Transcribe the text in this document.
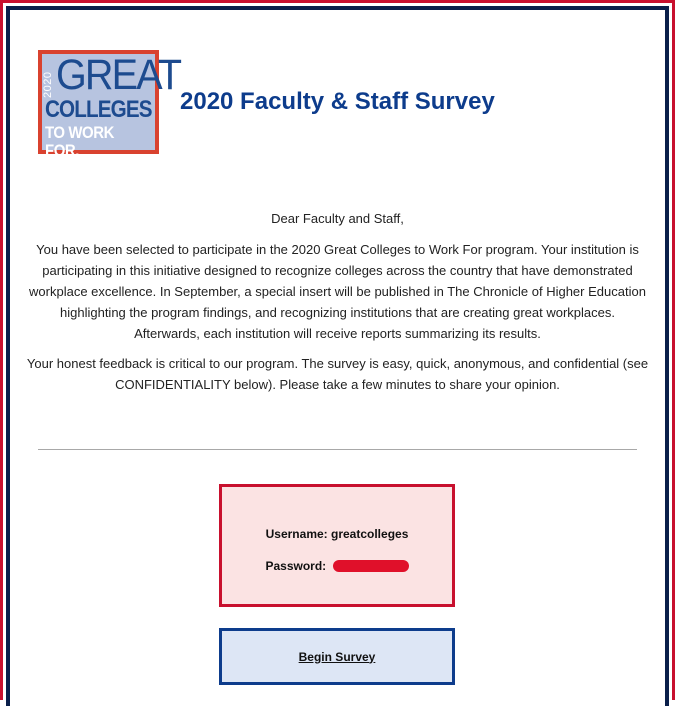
2020 GREAT
COLLEGES
TO WORK FOR.
2020 Faculty & Staff Survey

Dear Faculty and Staff,

You have been selected to participate in the 2020 Great Colleges to Work For program. Your institution is participating in this initiative designed to recognize colleges across the country that have demonstrated workplace excellence. In September, a special insert will be published in The Chronicle of Higher Education highlighting the program findings, and recognizing institutions that are creating great workplaces. Afterwards, each institution will receive reports summarizing its results.

Your honest feedback is critical to our program. The survey is easy, quick, anonymous, and confidential (see CONFIDENTIALITY below). Please take a few minutes to share your opinion.

Username: greatcolleges
Password:
Begin Survey
